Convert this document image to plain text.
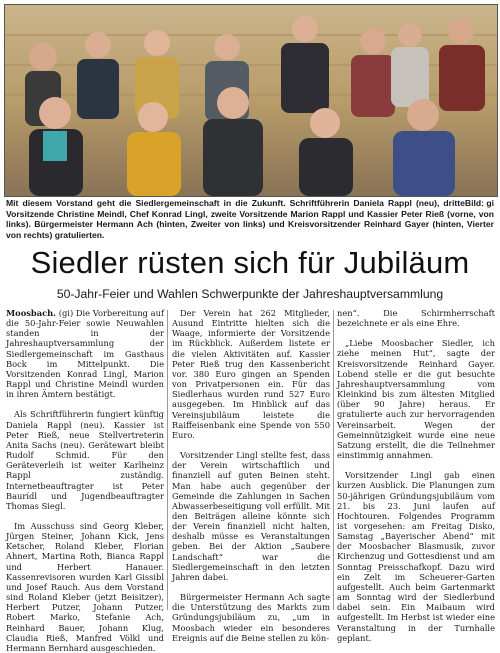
Bild: gi
Mit diesem Vorstand geht die Siedlergemeinschaft in die Zukunft. Schriftführerin Daniela Rappl (neu), dritte Vorsitzende Christine Meindl, Chef Konrad Lingl, zweite Vorsitzende Marion Rappl und Kassier Peter Rieß (vorne, von links). Bürgermeister Hermann Ach (hinten, Zweiter von links) und Kreisvorsitzender Reinhard Gayer (hinten, Vierter von rechts) gratulierten.
Siedler rüsten sich für Jubiläum
50-Jahr-Feier und Wahlen Schwerpunkte der Jahreshauptversammlung

Moosbach. (gi) Die Vorbereitung auf die 50-Jahr-Feier sowie Neuwahlen standen in der Jahreshauptversammlung der Siedlergemeinschaft im Gasthaus Bock im Mittelpunkt. Die Vorsitzenden Konrad Lingl, Marion Rappl und Christine Meindl wurden in ihren Ämtern bestätigt.

Als Schriftführerin fungiert künftig Daniela Rappl (neu). Kassier ist Peter Rieß, neue Stellvertreterin Anita Sachs (neu). Gerätewart bleibt Rudolf Schmid. Für den Geräteverleih ist weiter Karlheinz Rappl zuständig. Internetbeauftragter ist Peter Baurídl und Jugendbeauftragter Thomas Siegl.

Im Ausschuss sind Georg Kleber, Jürgen Steiner, Johann Kick, Jens Ketscher, Roland Kleber, Florian Ahnert, Martina Roth, Bianca Rappl und Herbert Hanauer. Kassenrevisoren wurden Karl Gissibl und Josef Rauch. Aus dem Vorstand sind Roland Kleber (jetzt Beisitzer), Herbert Putzer, Johann Putzer, Robert Marko, Stefanie Ach, Reinhard Bauer, Johann Klug, Claudia Rieß, Manfred Völkl und Hermann Bernhard ausgeschieden.

Der Verein hat 262 Mitglieder, Ausund Eintritte hielten sich die Waage, informierte der Vorsitzende im Rückblick. Außerdem listete er die vielen Aktivitäten auf. Kassier Peter Rieß trug den Kassenbericht vor. 380 Euro gingen an Spenden von Privatpersonen ein. Für das Siedlerhaus wurden rund 527 Euro ausgegeben. Im Hinblick auf das Vereinsjubiläum leistete die Raiffeisenbank eine Spende von 550 Euro.

Vorsitzender Lingl stellte fest, dass der Verein wirtschaftlich und finanziell auf guten Beinen steht. Man habe auch gegenüber der Gemeinde die Zahlungen in Sachen Abwasserbeseitigung voll erfüllt. Mit den Beiträgen alleine könnte sich der Verein finanziell nicht halten, deshalb müsse es Veranstaltungen geben. Bei der Aktion „Saubere Landschaft“ war die Siedlergemeinschaft in den letzten Jahren dabei.

Bürgermeister Hermann Ach sagte die Unterstützung des Markts zum Gründungsjubiläum zu, „um in Moosbach wieder ein besonderes Ereignis auf die Beine stellen zu kön-

nen“. Die Schirmherrschaft bezeichnete er als eine Ehre.

„Liebe Moosbacher Siedler, ich ziehe meinen Hut“, sagte der Kreisvorsitzende Reinhard Gayer. Lobend stelle er die gut besuchte Jahreshauptversammlung vom Kleinkind bis zum ältesten Mitglied (über 90 Jahre) heraus. Er gratulierte auch zur hervorragenden Vereinsarbeit. Wegen der Gemeinnützigkeit wurde eine neue Satzung erstellt, die die Teilnehmer einstimmig annahmen.

Vorsitzender Lingl gab einen kurzen Ausblick. Die Planungen zum 50-jährigen Gründungsjubiläum vom 21. bis 23. Juni laufen auf Hochtouren. Folgendes Programm ist vorgesehen: am Freitag Disko, Samstag „Bayerischer Abend“ mit der Moosbacher Blasmusik, zuvor Kirchenzug und Gottesdienst und am Sonntag Preisschafkopf. Dazu wird ein Zelt im Scheuerer-Garten aufgestellt. Auch beim Gartenmarkt am Sonntag wird der Siedlerbund dabei sein. Ein Maibaum wird aufgestellt. Im Herbst ist wieder eine Veranstaltung in der Turnhalle geplant.
